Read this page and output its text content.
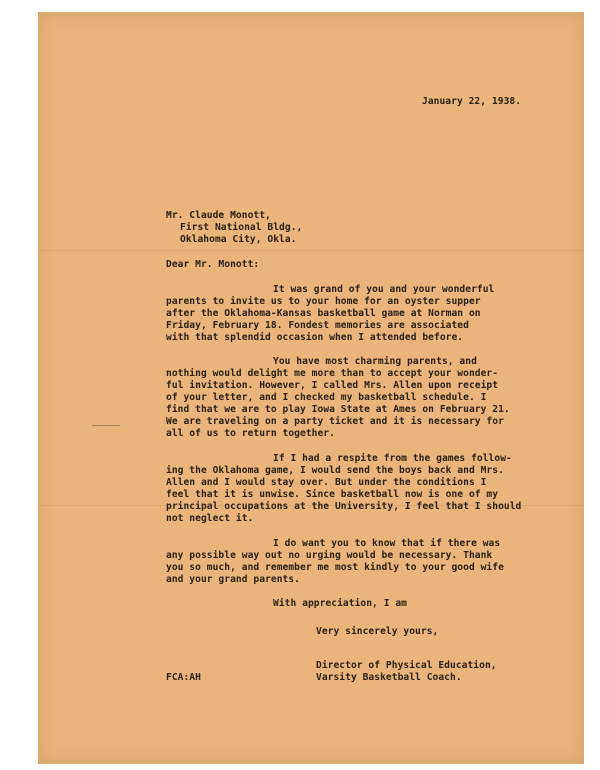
January 22, 1938.

Mr. Claude Monott,

First National Bldg.,

Oklahoma City, Okla.

Dear Mr. Monott:

It was grand of you and your wonderful

parents to invite us to your home for an oyster supper

after the Oklahoma-Kansas basketball game at Norman on

Friday, February 18. Fondest memories are associated

with that splendid occasion when I attended before.

You have most charming parents, and

nothing would delight me more than to accept your wonder-

ful invitation. However, I called Mrs. Allen upon receipt

of your letter, and I checked my basketball schedule. I

find that we are to play Iowa State at Ames on February 21.

We are traveling on a party ticket and it is necessary for

all of us to return together.

If I had a respite from the games follow-

ing the Oklahoma game, I would send the boys back and Mrs.

Allen and I would stay over. But under the conditions I

feel that it is unwise. Since basketball now is one of my

principal occupations at the University, I feel that I should

not neglect it.

I do want you to know that if there was

any possible way out no urging would be necessary. Thank

you so much, and remember me most kindly to your good wife

and your grand parents.

With appreciation, I am

Very sincerely yours,

Director of Physical Education,

Varsity Basketball Coach.

FCA:AH
